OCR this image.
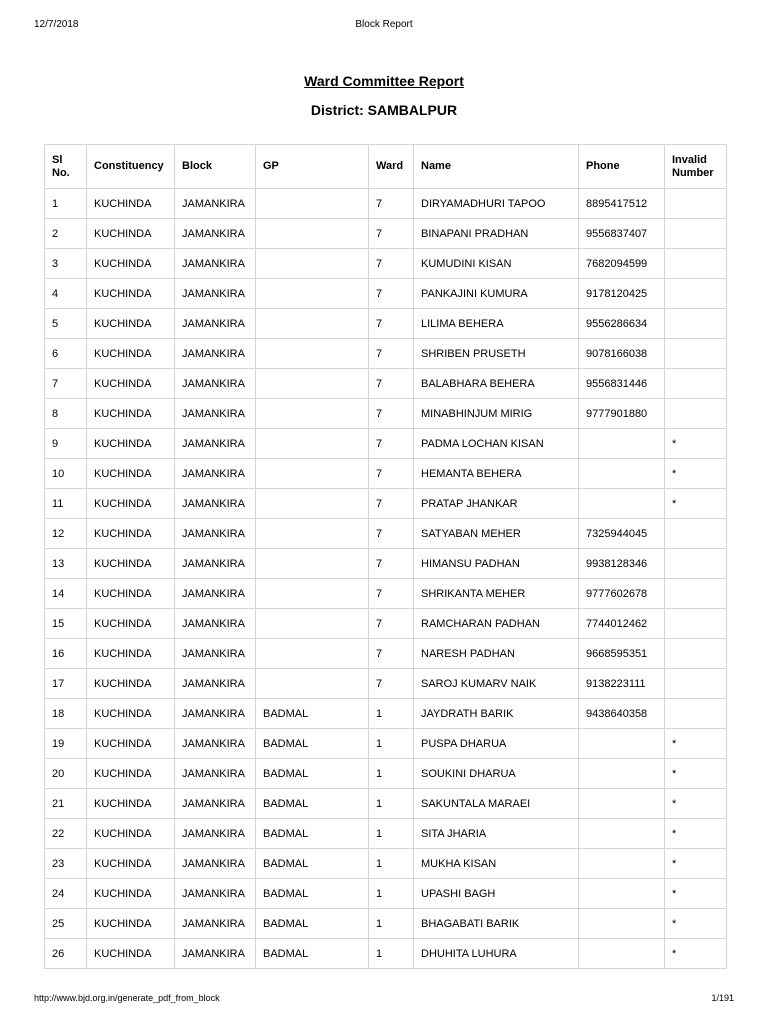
12/7/2018	Block Report
Ward Committee Report
District: SAMBALPUR
Sl No.	Constituency	Block	GP	Ward	Name	Phone	Invalid Number
1	KUCHINDA	JAMANKIRA		7	DIRYAMADHURI TAPOO	8895417512	
2	KUCHINDA	JAMANKIRA		7	BINAPANI PRADHAN	9556837407	
3	KUCHINDA	JAMANKIRA		7	KUMUDINI KISAN	7682094599	
4	KUCHINDA	JAMANKIRA		7	PANKAJINI KUMURA	9178120425	
5	KUCHINDA	JAMANKIRA		7	LILIMA BEHERA	9556286634	
6	KUCHINDA	JAMANKIRA		7	SHRIBEN PRUSETH	9078166038	
7	KUCHINDA	JAMANKIRA		7	BALABHARA BEHERA	9556831446	
8	KUCHINDA	JAMANKIRA		7	MINABHINJUM MIRIG	9777901880	
9	KUCHINDA	JAMANKIRA		7	PADMA LOCHAN KISAN		*
10	KUCHINDA	JAMANKIRA		7	HEMANTA BEHERA		*
11	KUCHINDA	JAMANKIRA		7	PRATAP JHANKAR		*
12	KUCHINDA	JAMANKIRA		7	SATYABAN MEHER	7325944045	
13	KUCHINDA	JAMANKIRA		7	HIMANSU PADHAN	9938128346	
14	KUCHINDA	JAMANKIRA		7	SHRIKANTA MEHER	9777602678	
15	KUCHINDA	JAMANKIRA		7	RAMCHARAN PADHAN	7744012462	
16	KUCHINDA	JAMANKIRA		7	NARESH PADHAN	9668595351	
17	KUCHINDA	JAMANKIRA		7	SAROJ KUMARV NAIK	9138223111	
18	KUCHINDA	JAMANKIRA	BADMAL	1	JAYDRATH BARIK	9438640358	
19	KUCHINDA	JAMANKIRA	BADMAL	1	PUSPA DHARUA		*
20	KUCHINDA	JAMANKIRA	BADMAL	1	SOUKINI DHARUA		*
21	KUCHINDA	JAMANKIRA	BADMAL	1	SAKUNTALA MARAEI		*
22	KUCHINDA	JAMANKIRA	BADMAL	1	SITA JHARIA		*
23	KUCHINDA	JAMANKIRA	BADMAL	1	MUKHA KISAN		*
24	KUCHINDA	JAMANKIRA	BADMAL	1	UPASHI BAGH		*
25	KUCHINDA	JAMANKIRA	BADMAL	1	BHAGABATI BARIK		*
26	KUCHINDA	JAMANKIRA	BADMAL	1	DHUHITA LUHURA		*
http://www.bjd.org.in/generate_pdf_from_block	1/191
